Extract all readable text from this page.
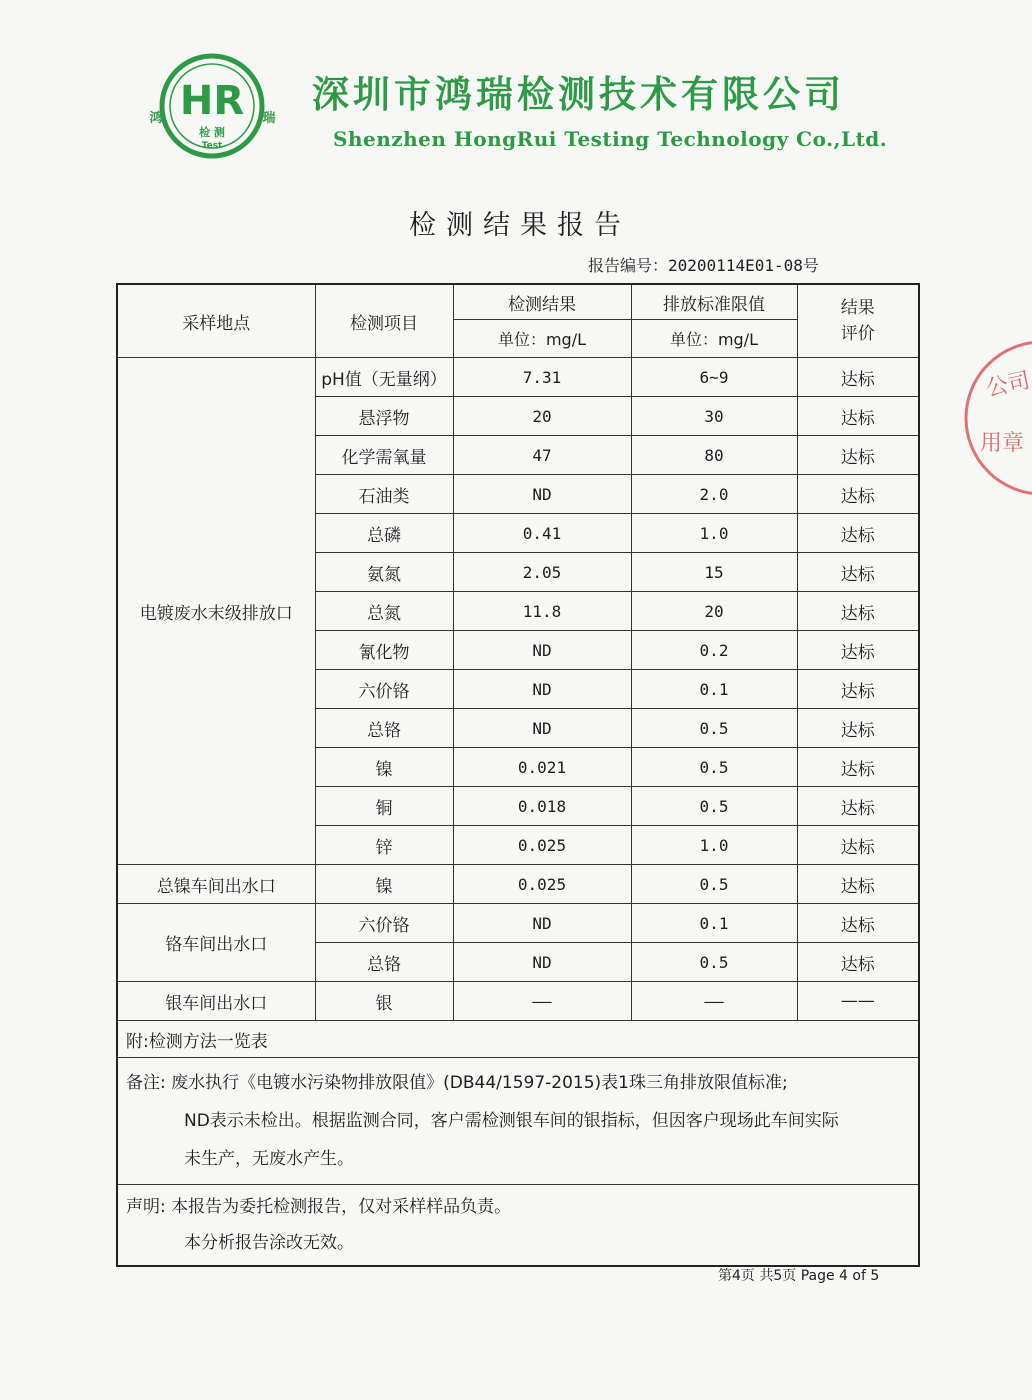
HR
鸿	瑞
检 测
Test
深圳市鸿瑞检测技术有限公司
Shenzhen HongRui Testing Technology Co.,Ltd.
检测结果报告
报告编号：20200114E01-08号
采样地点	检测项目	检测结果	排放标准限值	结果
评价
		单位：mg/L	单位：mg/L	
电镀废水末级排放口	pH值（无量纲）	7.31	6~9	达标
	悬浮物	20	30	达标
	化学需氧量	47	80	达标
	石油类	ND	2.0	达标
	总磷	0.41	1.0	达标
	氨氮	2.05	15	达标
	总氮	11.8	20	达标
	氰化物	ND	0.2	达标
	六价铬	ND	0.1	达标
	总铬	ND	0.5	达标
	镍	0.021	0.5	达标
	铜	0.018	0.5	达标
	锌	0.025	1.0	达标
总镍车间出水口	镍	0.025	0.5	达标
铬车间出水口	六价铬	ND	0.1	达标
	总铬	ND	0.5	达标
银车间出水口	银	——	——	——
附:检测方法一览表				
备注: 废水执行《电镀水污染物排放限值》(DB44/1597-2015)表1珠三角排放限值标准;
ND表示未检出。根据监测合同，客户需检测银车间的银指标，但因客户现场此车间实际
未生产，无废水产生。				

声明: 本报告为委托检测报告，仅对采样样品负责。
本分析报告涂改无效。				
第4页 共5页 Page 4 of 5
公司
用章
